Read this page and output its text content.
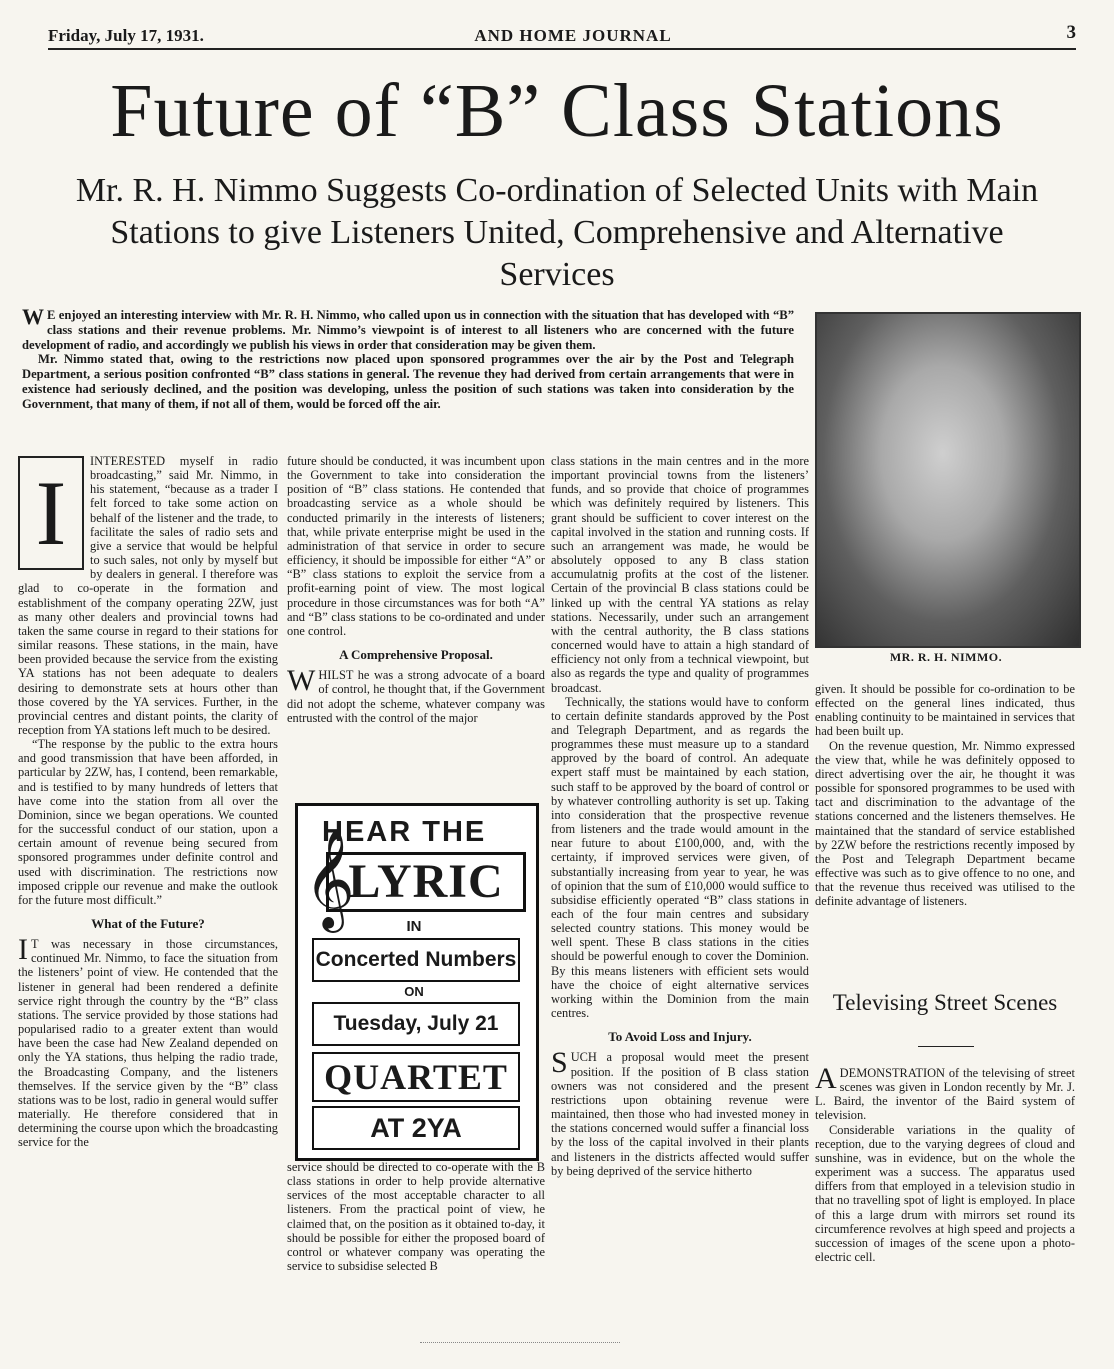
Friday, July 17, 1931.	AND HOME JOURNAL	3
Future of “B” Class Stations
Mr. R. H. Nimmo Suggests Co-ordination of Selected Units with Main Stations to give Listeners United, Comprehensive and Alternative Services

W E enjoyed an interesting interview with Mr. R. H. Nimmo, who called upon us in connection with the situation that has developed with “B” class stations and their revenue problems. Mr. Nimmo’s viewpoint is of interest to all listeners who are concerned with the future development of radio, and accordingly we publish his views in order that consideration may be given them.

Mr. Nimmo stated that, owing to the restrictions now placed upon sponsored programmes over the air by the Post and Telegraph Department, a serious position confronted “B” class stations in general. The revenue they had derived from certain arrangements that were in existence had seriously declined, and the position was developing, unless the position of such stations was taken into consideration by the Government, that many of them, if not all of them, would be forced off the air.

MR. R. H. NIMMO.

I
INTERESTED myself in radio broadcasting,” said Mr. Nimmo, in his statement, “because as a trader I felt forced to take some action on behalf of the listener and the trade, to facilitate the sales of radio sets and give a service that would be helpful to such sales, not only by myself but by dealers in general. I therefore was glad to co-operate in the formation and establishment of the company operating 2ZW, just as many other dealers and provincial towns had taken the same course in regard to their stations for similar reasons. These stations, in the main, have been provided because the service from the existing YA stations has not been adequate to dealers desiring to demonstrate sets at hours other than those covered by the YA services. Further, in the provincial centres and distant points, the clarity of reception from YA stations left much to be desired.

“The response by the public to the extra hours and good transmission that have been afforded, in particular by 2ZW, has, I contend, been remarkable, and is testified to by many hundreds of letters that have come into the station from all over the Dominion, since we began operations. We counted for the successful conduct of our station, upon a certain amount of revenue being secured from sponsored programmes under definite control and used with discrimination. The restrictions now imposed cripple our revenue and make the outlook for the future most difficult.”

What of the Future?

I T was necessary in those circumstances, continued Mr. Nimmo, to face the situation from the listeners’ point of view. He contended that the listener in general had been rendered a definite service right through the country by the “B” class stations. The service provided by those stations had popularised radio to a greater extent than would have been the case had New Zealand depended on only the YA stations, thus helping the radio trade, the Broadcasting Company, and the listeners themselves. If the service given by the “B” class stations was to be lost, radio in general would suffer materially. He therefore considered that in determining the course upon which the broadcasting service for the

future should be conducted, it was incumbent upon the Government to take into consideration the position of “B” class stations. He contended that broadcasting service as a whole should be conducted primarily in the interests of listeners; that, while private enterprise might be used in the administration of that service in order to secure efficiency, it should be impossible for either “A” or “B” class stations to exploit the service from a profit-earning point of view. The most logical procedure in those circumstances was for both “A” and “B” class stations to be co-ordinated and under one control.

A Comprehensive Proposal.

WHILST he was a strong advocate of a board of control, he thought that, if the Government did not adopt the scheme, whatever company was entrusted with the control of the major

𝄞
HEAR THE
LYRIC
IN
Concerted Numbers
ON
Tuesday, July 21
QUARTET
AT 2YA

service should be directed to co-operate with the B class stations in order to help provide alternative services of the most acceptable character to all listeners. From the practical point of view, he claimed that, on the position as it obtained to-day, it should be possible for either the proposed board of control or whatever company was operating the service to subsidise selected B

class stations in the main centres and in the more important provincial towns from the listeners’ funds, and so provide that choice of programmes which was definitely required by listeners. This grant should be sufficient to cover interest on the capital involved in the station and running costs. If such an arrangement was made, he would be absolutely opposed to any B class station accumulatnig profits at the cost of the listener. Certain of the provincial B class stations could be linked up with the central YA stations as relay stations. Necessarily, under such an arrangement with the central authority, the B class stations concerned would have to attain a high standard of efficiency not only from a technical viewpoint, but also as regards the type and quality of programmes broadcast.

Technically, the stations would have to conform to certain definite standards approved by the Post and Telegraph Department, and as regards the programmes these must measure up to a standard approved by the board of control. An adequate expert staff must be maintained by each station, such staff to be approved by the board of control or by whatever controlling authority is set up. Taking into consideration that the prospective revenue from listeners and the trade would amount in the near future to about £100,000, and, with the certainty, if improved services were given, of substantially increasing from year to year, he was of opinion that the sum of £10,000 would suffice to subsidise efficiently operated “B” class stations in each of the four main centres and subsidary selected country stations. This money would be well spent. These B class stations in the cities should be powerful enough to cover the Dominion. By this means listeners with efficient sets would have the choice of eight alternative services working within the Dominion from the main centres.

To Avoid Loss and Injury.

SUCH a proposal would meet the present position. If the position of B class station owners was not considered and the present restrictions upon obtaining revenue were maintained, then those who had invested money in the stations concerned would suffer a financial loss by the loss of the capital involved in their plants and listeners in the districts affected would suffer by being deprived of the service hitherto

given. It should be possible for co-ordination to be effected on the general lines indicated, thus enabling continuity to be maintained in services that had been built up.

On the revenue question, Mr. Nimmo expressed the view that, while he was definitely opposed to direct advertising over the air, he thought it was possible for sponsored programmes to be used with tact and discrimination to the advantage of the stations concerned and the listeners themselves. He maintained that the standard of service established by 2ZW before the restrictions recently imposed by the Post and Telegraph Department became effective was such as to give offence to no one, and that the revenue thus received was utilised to the definite advantage of listeners.

Televising Street Scenes

ADEMONSTRATION of the televising of street scenes was given in London recently by Mr. J. L. Baird, the inventor of the Baird system of television.

Considerable variations in the quality of reception, due to the varying degrees of cloud and sunshine, was in evidence, but on the whole the experiment was a success. The apparatus used differs from that employed in a television studio in that no travelling spot of light is employed. In place of this a large drum with mirrors set round its circumference revolves at high speed and projects a succession of images of the scene upon a photo-electric cell.
